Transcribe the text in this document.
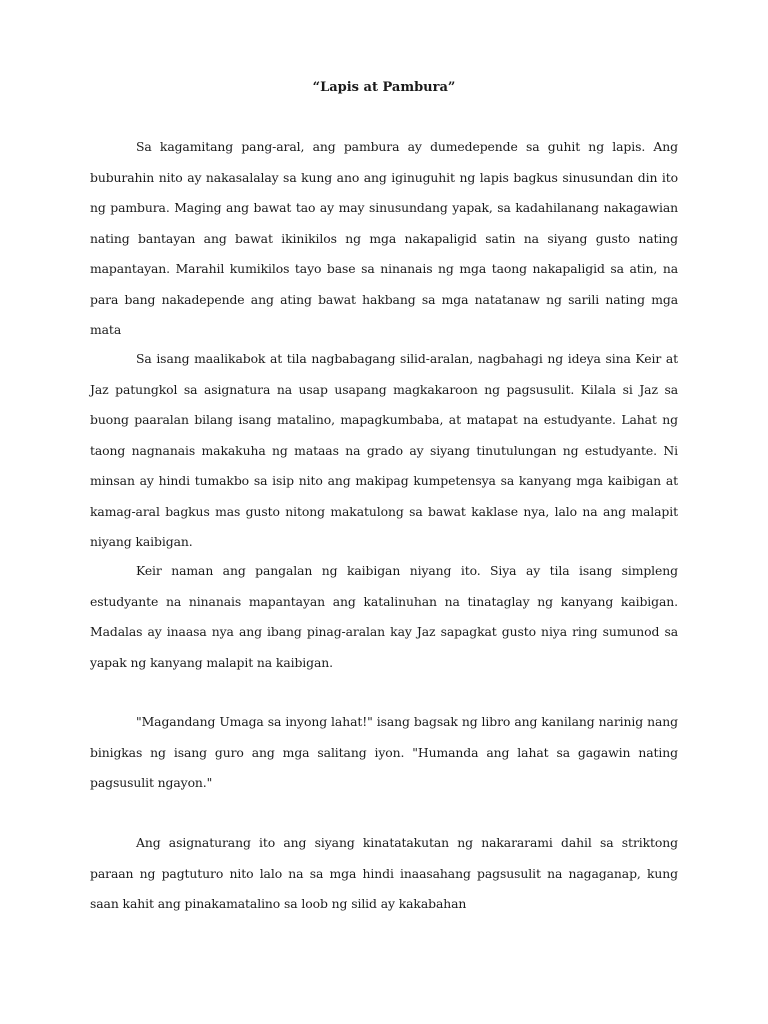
“Lapis at Pambura”

Sa kagamitang pang-aral, ang pambura ay dumedepende sa guhit ng lapis. Ang buburahin nito ay nakasalalay sa kung ano ang iginuguhit ng lapis bagkus sinusundan din ito ng pambura. Maging ang bawat tao ay may sinusundang yapak, sa kadahilanang nakagawian nating bantayan ang bawat ikinikilos ng mga nakapaligid satin na siyang gusto nating mapantayan. Marahil kumikilos tayo base sa ninanais ng mga taong nakapaligid sa atin, na para bang nakadepende ang ating bawat hakbang sa mga natatanaw ng sarili nating mga mata

Sa isang maalikabok at tila nagbabagang silid-aralan, nagbahagi ng ideya sina Keir at Jaz patungkol sa asignatura na usap usapang magkakaroon ng pagsusulit. Kilala si Jaz sa buong paaralan bilang isang matalino, mapagkumbaba, at matapat na estudyante. Lahat ng taong nagnanais makakuha ng mataas na grado ay siyang tinutulungan ng estudyante. Ni minsan ay hindi tumakbo sa isip nito ang makipag kumpetensya sa kanyang mga kaibigan at kamag-aral bagkus mas gusto nitong makatulong sa bawat kaklase nya, lalo na ang malapit niyang kaibigan.

Keir naman ang pangalan ng kaibigan niyang ito. Siya ay tila isang simpleng estudyante na ninanais mapantayan ang katalinuhan na tinataglay ng kanyang kaibigan. Madalas ay inaasa nya ang ibang pinag-aralan kay Jaz sapagkat gusto niya ring sumunod sa yapak ng kanyang malapit na kaibigan.

"Magandang Umaga sa inyong lahat!" isang bagsak ng libro ang kanilang narinig nang binigkas ng isang guro ang mga salitang iyon. "Humanda ang lahat sa gagawin nating pagsusulit ngayon."

Ang asignaturang ito ang siyang kinatatakutan ng nakararami dahil sa striktong paraan ng pagtuturo nito lalo na sa mga hindi inaasahang pagsusulit na nagaganap, kung saan kahit ang pinakamatalino sa loob ng silid ay kakabahan
